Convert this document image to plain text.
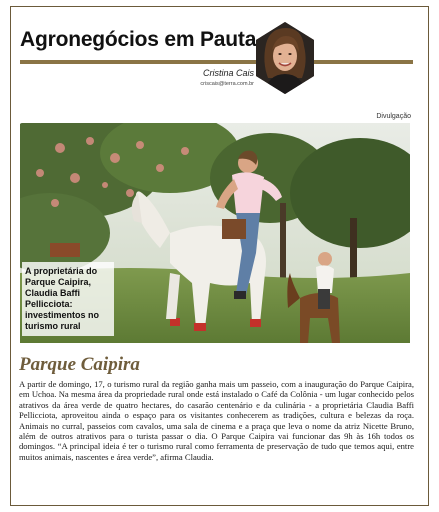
Agronegócios em Pauta
Cristina Cais
criscais@terra.com.br
Divulgação
A proprietária do Parque Caipira, Claudia Baffi Pellicciota: investimentos no turismo rural
Parque Caipira

A partir de domingo, 17, o turismo rural da região ganha mais um passeio, com a inauguração do Parque Caipira, em Uchoa. Na mesma área da propriedade rural onde está instalado o Café da Colônia - um lugar conhecido pelos atrativos da área verde de quatro hectares, do casarão centenário e da culinária - a proprietária Claudia Baffi Pellicciota, aproveitou ainda o espaço para os visitantes conhecerem as tradições, cultura e belezas da roça. Animais no curral, passeios com cavalos, uma sala de cinema e a praça que leva o nome da atriz Nicette Bruno, além de outros atrativos para o turista passar o dia. O Parque Caipira vai funcionar das 9h às 16h todos os domingos. “A principal ideia é ter o turismo rural como ferramenta de preservação de tudo que temos aqui, entre muitos animais, nascentes e área verde”, afirma Claudia.
